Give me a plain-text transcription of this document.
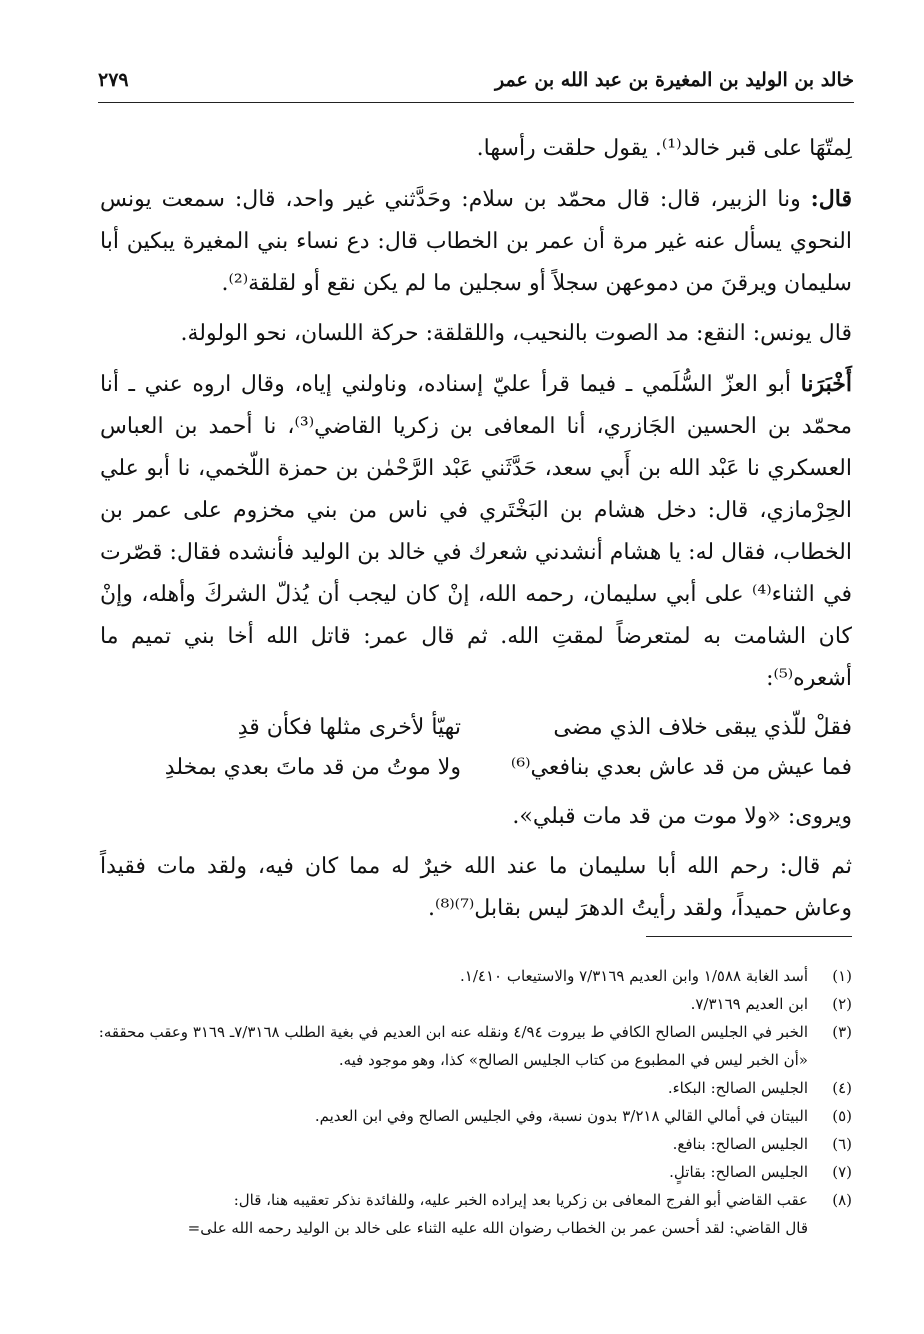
خالد بن الوليد بن المغيرة بن عبد الله بن عمر
٢٧٩

لِمتّهَا على قبر خالد⁽¹⁾. يقول حلقت رأسها.

قال: ونا الزبير، قال: قال محمّد بن سلام: وحَدَّثني غير واحد، قال: سمعت يونس النحوي يسأل عنه غير مرة أن عمر بن الخطاب قال: دع نساء بني المغيرة يبكين أبا سليمان ويرقنَ من دموعهن سجلاً أو سجلين ما لم يكن نقع أو لقلقة⁽²⁾.

قال يونس: النقع: مد الصوت بالنحيب، واللقلقة: حركة اللسان، نحو الولولة.

أَخْبَرَنا أبو العزّ السُّلَمي ـ فيما قرأ عليّ إسناده، وناولني إياه، وقال اروه عني ـ أنا محمّد بن الحسين الجَازري، أنا المعافى بن زكريا القاضي⁽³⁾، نا أحمد بن العباس العسكري نا عَبْد الله بن أَبي سعد، حَدَّثَني عَبْد الرَّحْمٰن بن حمزة اللّخمي، نا أبو علي الحِرْمازي، قال: دخل هشام بن البَخْتَري في ناس من بني مخزوم على عمر بن الخطاب، فقال له: يا هشام أنشدني شعرك في خالد بن الوليد فأنشده فقال: قصّرت في الثناء⁽⁴⁾ على أبي سليمان، رحمه الله، إنْ كان ليجب أن يُذلّ الشركَ وأهله، وإنْ كان الشامت به لمتعرضاً لمقتِ الله. ثم قال عمر: قاتل الله أخا بني تميم ما أشعره⁽⁵⁾:

فقلْ للّذي يبقى خلاف الذي مضى
تهيّأ لأخرى مثلها فكأن قدِ
فما عيش من قد عاش بعدي بنافعي⁽⁶⁾
ولا موتُ من قد ماتَ بعدي بمخلدِ

ويروى: «ولا موت من قد مات قبلي».

ثم قال: رحم الله أبا سليمان ما عند الله خيرٌ له مما كان فيه، ولقد مات فقيداً وعاش حميداً، ولقد رأيتُ الدهرَ ليس بقابل⁽⁷⁾⁽⁸⁾.

(١)
أسد الغابة ١/٥٨٨ وابن العديم ٧/٣١٦٩ والاستيعاب ١/٤١٠.
(٢)
ابن العديم ٧/٣١٦٩.
(٣)
الخبر في الجليس الصالح الكافي ط بيروت ٤/٩٤ ونقله عنه ابن العديم في بغية الطلب ٧/٣١٦٨ـ ٣١٦٩ وعقب محققه: «أن الخبر ليس في المطبوع من كتاب الجليس الصالح» كذا، وهو موجود فيه.
(٤)
الجليس الصالح: البكاء.
(٥)
البيتان في أمالي القالي ٣/٢١٨ بدون نسبة، وفي الجليس الصالح وفي ابن العديم.
(٦)
الجليس الصالح: بنافع.
(٧)
الجليس الصالح: بقاتلٍ.
(٨)
عقب القاضي أبو الفرج المعافى بن زكريا بعد إيراده الخبر عليه، وللفائدة نذكر تعقيبه هنا، قال:
قال القاضي: لقد أحسن عمر بن الخطاب رضوان الله عليه الثناء على خالد بن الوليد رحمه الله على=
